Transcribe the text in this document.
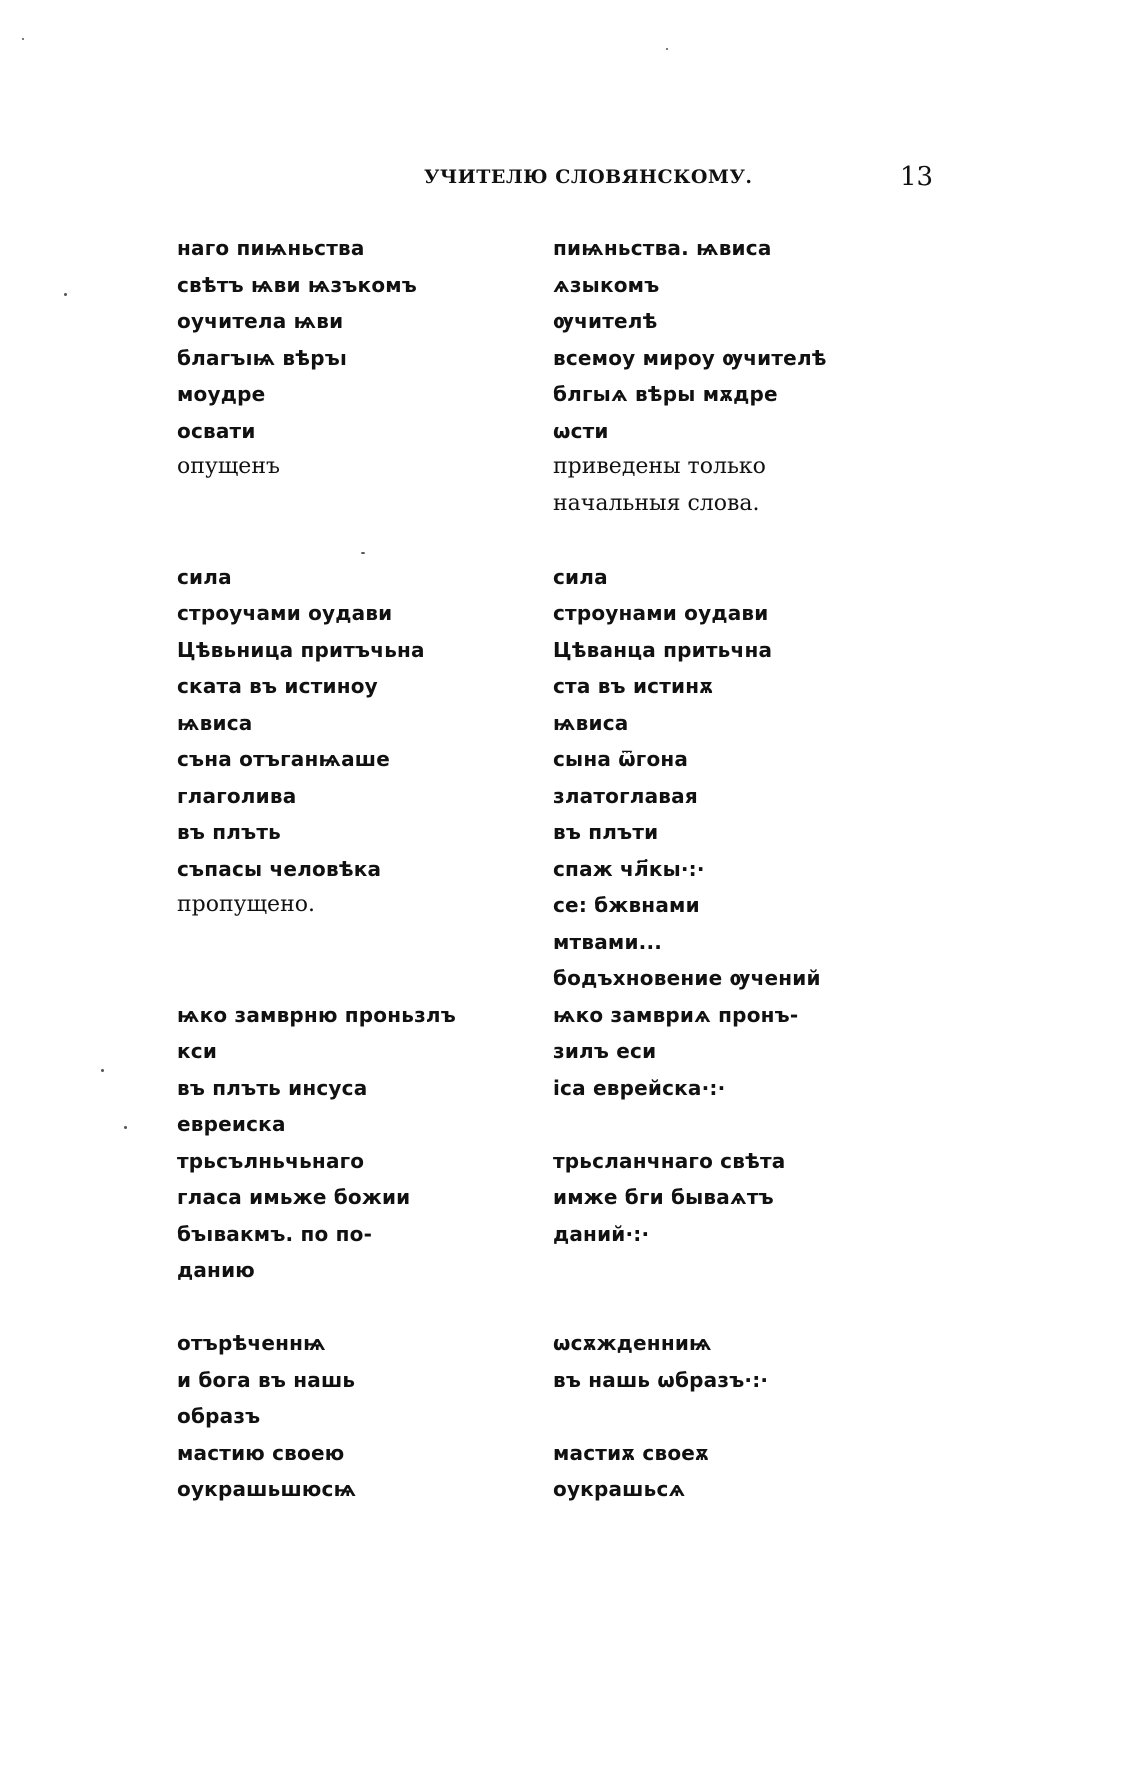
УЧИТЕЛЮ СЛОВЯНСКОМУ.	13
наго пиѩньства
свѣтъ ѩви ѩзъкомъ
оучитела ѩви
благъıѩ вѣръı
моудре
освати
опущенъ
сила
строучами оудави
Цѣвьница притъчьна
ската въ истиноу
ѩвиса
съна отъганѩаше
глаголива
въ плъть
съпасы человѣка
пропущено.
ѩко замврню проньзлъ
кси
въ плъть инсуса
евреиска
трьсълньчьнаго
гласа имьже божии
бъıвакмъ. по по-
данию
отърѣченнѩ
и бога въ нашь
образъ
мастию своею
оукрашьшюсѩ
пиѩньства. ѩвиса
ѧзыкомъ
ѹчителѣ
всемоу мироу ѹчителѣ
блгыѧ вѣры мѫдре
ѡсти
приведены только
начальныя слова.
сила
строунами оудави
Цѣванца притьчна
ста въ истинѫ
ѩвиса
сына ѿгона
златоглавая
въ плъти
спаж чл҃кы·:·
се: бжвнами
мтвами...
бодъхновение ѹчений
ѩко замвриѧ пронъ-
зилъ еси
іса еврейска·:·
трьсланчнаго свѣта
имже бги бываѧтъ
даний·:·
ѡсѫжденниѩ
въ нашь ѡбразъ·:·
мастиѫ своеѫ
оукрашьсѧ
